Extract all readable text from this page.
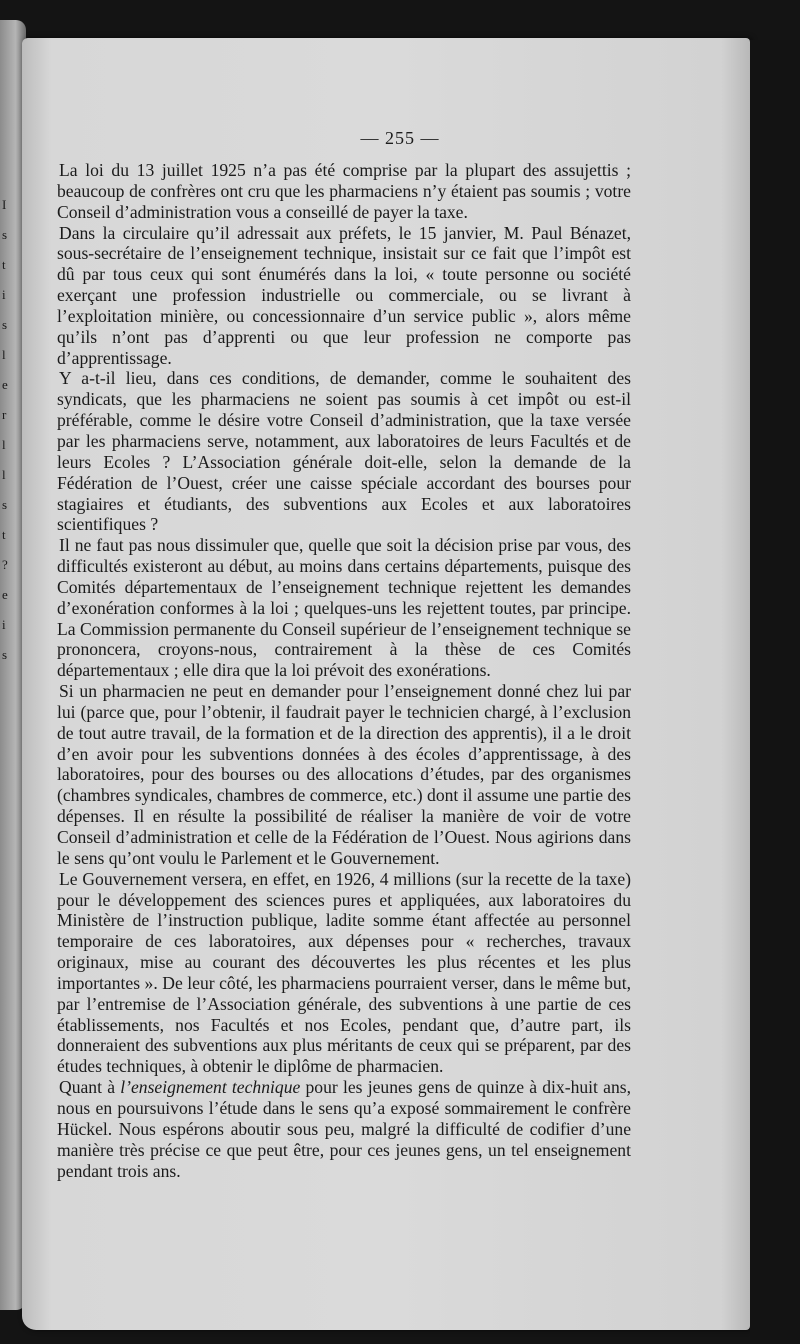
I
s
t
i
s
l
e
r
l
l
s
t
?
e
i
s
— 255 —

La loi du 13 juillet 1925 n’a pas été comprise par la plupart des assujettis ; beaucoup de confrères ont cru que les pharmaciens n’y étaient pas soumis ; votre Conseil d’administration vous a conseillé de payer la taxe.

Dans la circulaire qu’il adressait aux préfets, le 15 janvier, M. Paul Bénazet, sous-secrétaire de l’enseignement technique, insistait sur ce fait que l’impôt est dû par tous ceux qui sont énumérés dans la loi, « toute personne ou société exerçant une profession industrielle ou commerciale, ou se livrant à l’exploitation minière, ou concessionnaire d’un service public », alors même qu’ils n’ont pas d’apprenti ou que leur profession ne comporte pas d’apprentissage.

Y a-t-il lieu, dans ces conditions, de demander, comme le souhaitent des syndicats, que les pharmaciens ne soient pas soumis à cet impôt ou est-il préférable, comme le désire votre Conseil d’administration, que la taxe versée par les pharmaciens serve, notamment, aux laboratoires de leurs Facultés et de leurs Ecoles ? L’Association générale doit-elle, selon la demande de la Fédération de l’Ouest, créer une caisse spéciale accordant des bourses pour stagiaires et étudiants, des subventions aux Ecoles et aux laboratoires scientifiques ?

Il ne faut pas nous dissimuler que, quelle que soit la décision prise par vous, des difficultés existeront au début, au moins dans certains départements, puisque des Comités départementaux de l’enseignement technique rejettent les demandes d’exonération conformes à la loi ; quelques-uns les rejettent toutes, par principe. La Commission permanente du Conseil supérieur de l’enseignement technique se prononcera, croyons-nous, contrairement à la thèse de ces Comités départementaux ; elle dira que la loi prévoit des exonérations.

Si un pharmacien ne peut en demander pour l’enseignement donné chez lui par lui (parce que, pour l’obtenir, il faudrait payer le technicien chargé, à l’exclusion de tout autre travail, de la formation et de la direction des apprentis), il a le droit d’en avoir pour les subventions données à des écoles d’apprentissage, à des laboratoires, pour des bourses ou des allocations d’études, par des organismes (chambres syndicales, chambres de commerce, etc.) dont il assume une partie des dépenses. Il en résulte la possibilité de réaliser la manière de voir de votre Conseil d’administration et celle de la Fédération de l’Ouest. Nous agirions dans le sens qu’ont voulu le Parlement et le Gouvernement.

Le Gouvernement versera, en effet, en 1926, 4 millions (sur la recette de la taxe) pour le développement des sciences pures et appliquées, aux laboratoires du Ministère de l’instruction publique, ladite somme étant affectée au personnel temporaire de ces laboratoires, aux dépenses pour « recherches, travaux originaux, mise au courant des découvertes les plus récentes et les plus importantes ». De leur côté, les pharmaciens pourraient verser, dans le même but, par l’entremise de l’Association générale, des subventions à une partie de ces établissements, nos Facultés et nos Ecoles, pendant que, d’autre part, ils donneraient des subventions aux plus méritants de ceux qui se préparent, par des études techniques, à obtenir le diplôme de pharmacien.

Quant à l’enseignement technique pour les jeunes gens de quinze à dix-huit ans, nous en poursuivons l’étude dans le sens qu’a exposé sommairement le confrère Hückel. Nous espérons aboutir sous peu, malgré la difficulté de codifier d’une manière très précise ce que peut être, pour ces jeunes gens, un tel enseignement pendant trois ans.
